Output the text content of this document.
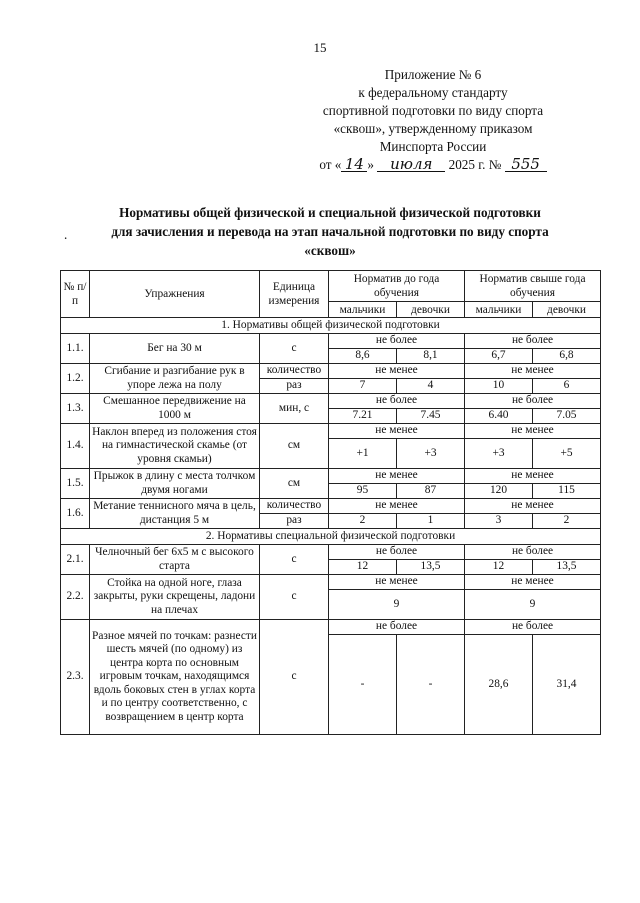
15
Приложение № 6
к федеральному стандарту
спортивной подготовки по виду спорта
«сквош», утвержденному приказом
Минспорта России
от « 14 » июля 2025 г. № 555
Нормативы общей физической и специальной физической подготовки
для зачисления и перевода на этап начальной подготовки по виду спорта
«сквош»
.
№ п/п	Упражнения	Единица измерения	Норматив до года обучения		Норматив свыше года обучения	
			мальчики	девочки	мальчики	девочки
1. Нормативы общей физической подготовки						
1.1.	Бег на 30 м	с	не более		не более	
			8,6	8,1	6,7	6,8
1.2.	Сгибание и разгибание рук в упоре лежа на полу	количество	не менее		не менее	
		раз	7	4	10	6
1.3.	Смешанное передвижение на 1000 м	мин, с	не более		не более	
			7.21	7.45	6.40	7.05
1.4.	Наклон вперед из положения стоя на гимнастической скамье (от уровня скамьи)	см	не менее		не менее	
			+1	+3	+3	+5
1.5.	Прыжок в длину с места толчком двумя ногами	см	не менее		не менее	
			95	87	120	115
1.6.	Метание теннисного мяча в цель, дистанция 5 м	количество	не менее		не менее	
		раз	2	1	3	2
2. Нормативы специальной физической подготовки						
2.1.	Челночный бег 6х5 м с высокого старта	с	не более		не более	
			12	13,5	12	13,5
2.2.	Стойка на одной ноге, глаза закрыты, руки скрещены, ладони на плечах	с	не менее		не менее	
			9		9	
2.3.	Разное мячей по точкам: разнести шесть мячей (по одному) из центра корта по основным игровым точкам, находящимся вдоль боковых стен в углах корта и по центру соответственно, с возвращением в центр корта	с	не более		не более	
			-	-	28,6	31,4
